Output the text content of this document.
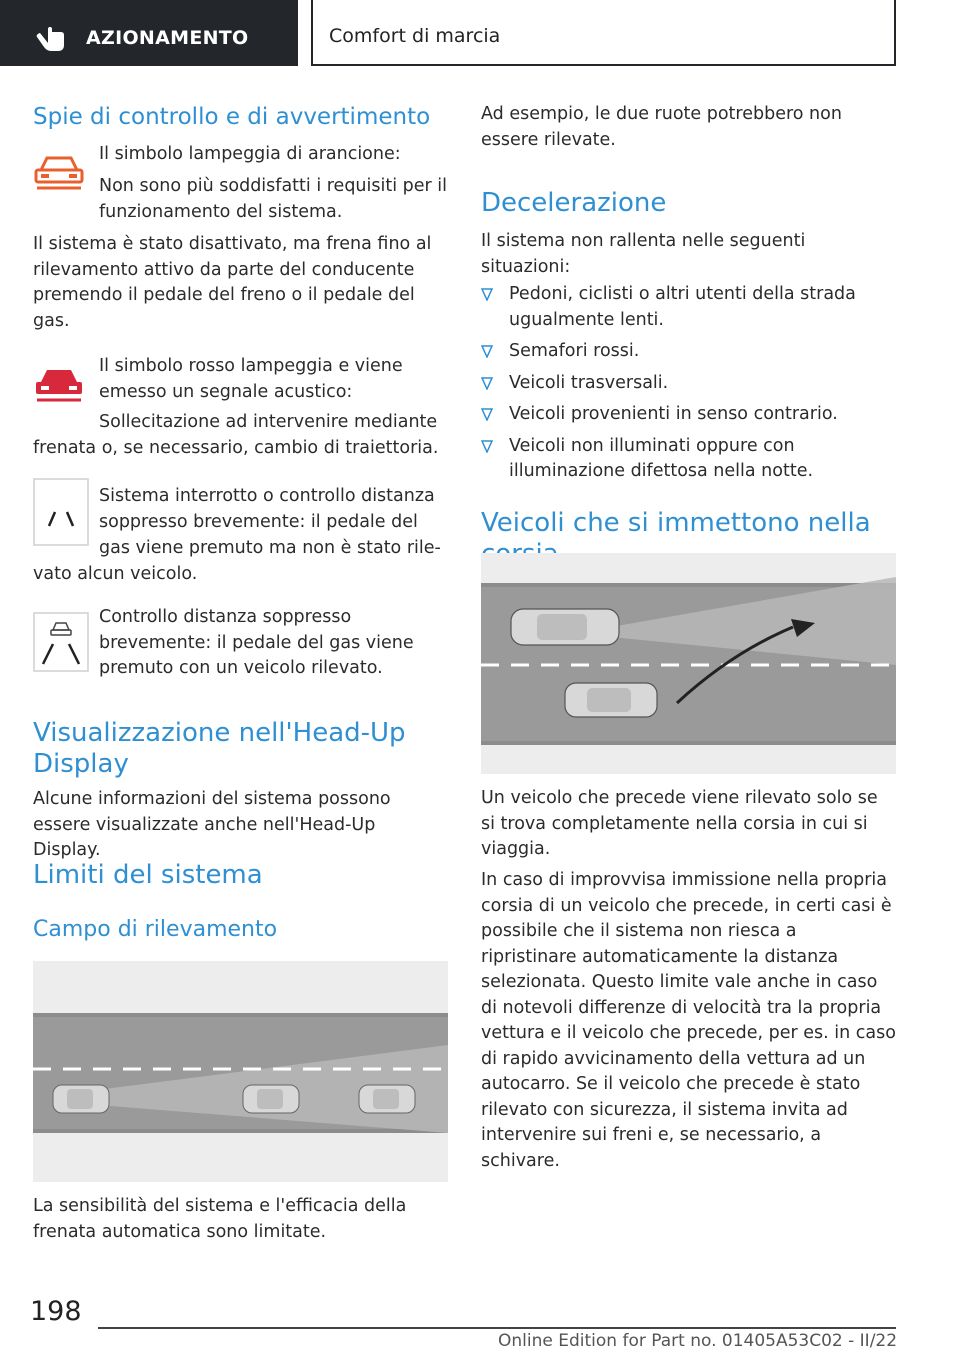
AZIONAMENTO	Comfort di marcia
Spie di controllo e di avvertimento
Il simbolo lampeggia di arancione:
Non sono più soddisfatti i requisiti per il funzionamento del sistema.
Il sistema è stato disattivato, ma frena fino al rilevamento attivo da parte del conducente premendo il pedale del freno o il pedale del gas.
Il simbolo rosso lampeggia e viene emesso un segnale acustico:
Sollecitazione ad intervenire mediante
frenata o, se necessario, cambio di traiettoria.
Sistema interrotto o controllo distanza
soppresso brevemente: il pedale del
gas viene premuto ma non è stato rile-
vato alcun veicolo.
Controllo distanza soppresso brevemente: il pedale del gas viene premuto con un veicolo rilevato.
Visualizzazione nell'Head-Up Display
Alcune informazioni del sistema possono essere visualizzate anche nell'Head-Up Display.
Limiti del sistema
Campo di rilevamento
La sensibilità del sistema e l'efficacia della frenata automatica sono limitate.
Ad esempio, le due ruote potrebbero non essere rilevate.
Decelerazione
Il sistema non rallenta nelle seguenti situazioni:
Pedoni, ciclisti o altri utenti della strada ugualmente lenti.
Semafori rossi.
Veicoli trasversali.
Veicoli provenienti in senso contrario.
Veicoli non illuminati oppure con illuminazione difettosa nella notte.
Veicoli che si immettono nella
Un veicolo che precede viene rilevato solo se si trova completamente nella corsia in cui si viaggia.
In caso di improvvisa immissione nella propria corsia di un veicolo che precede, in certi casi è possibile che il sistema non riesca a ripristinare automaticamente la distanza selezionata. Questo limite vale anche in caso di notevoli differenze di velocità tra la propria vettura e il veicolo che precede, per es. in caso di rapido avvicinamento della vettura ad un autocarro. Se il veicolo che precede è stato rilevato con sicurezza, il sistema invita ad intervenire sui freni e, se necessario, a schivare.
198
Online Edition for Part no. 01405A53C02 - II/22
